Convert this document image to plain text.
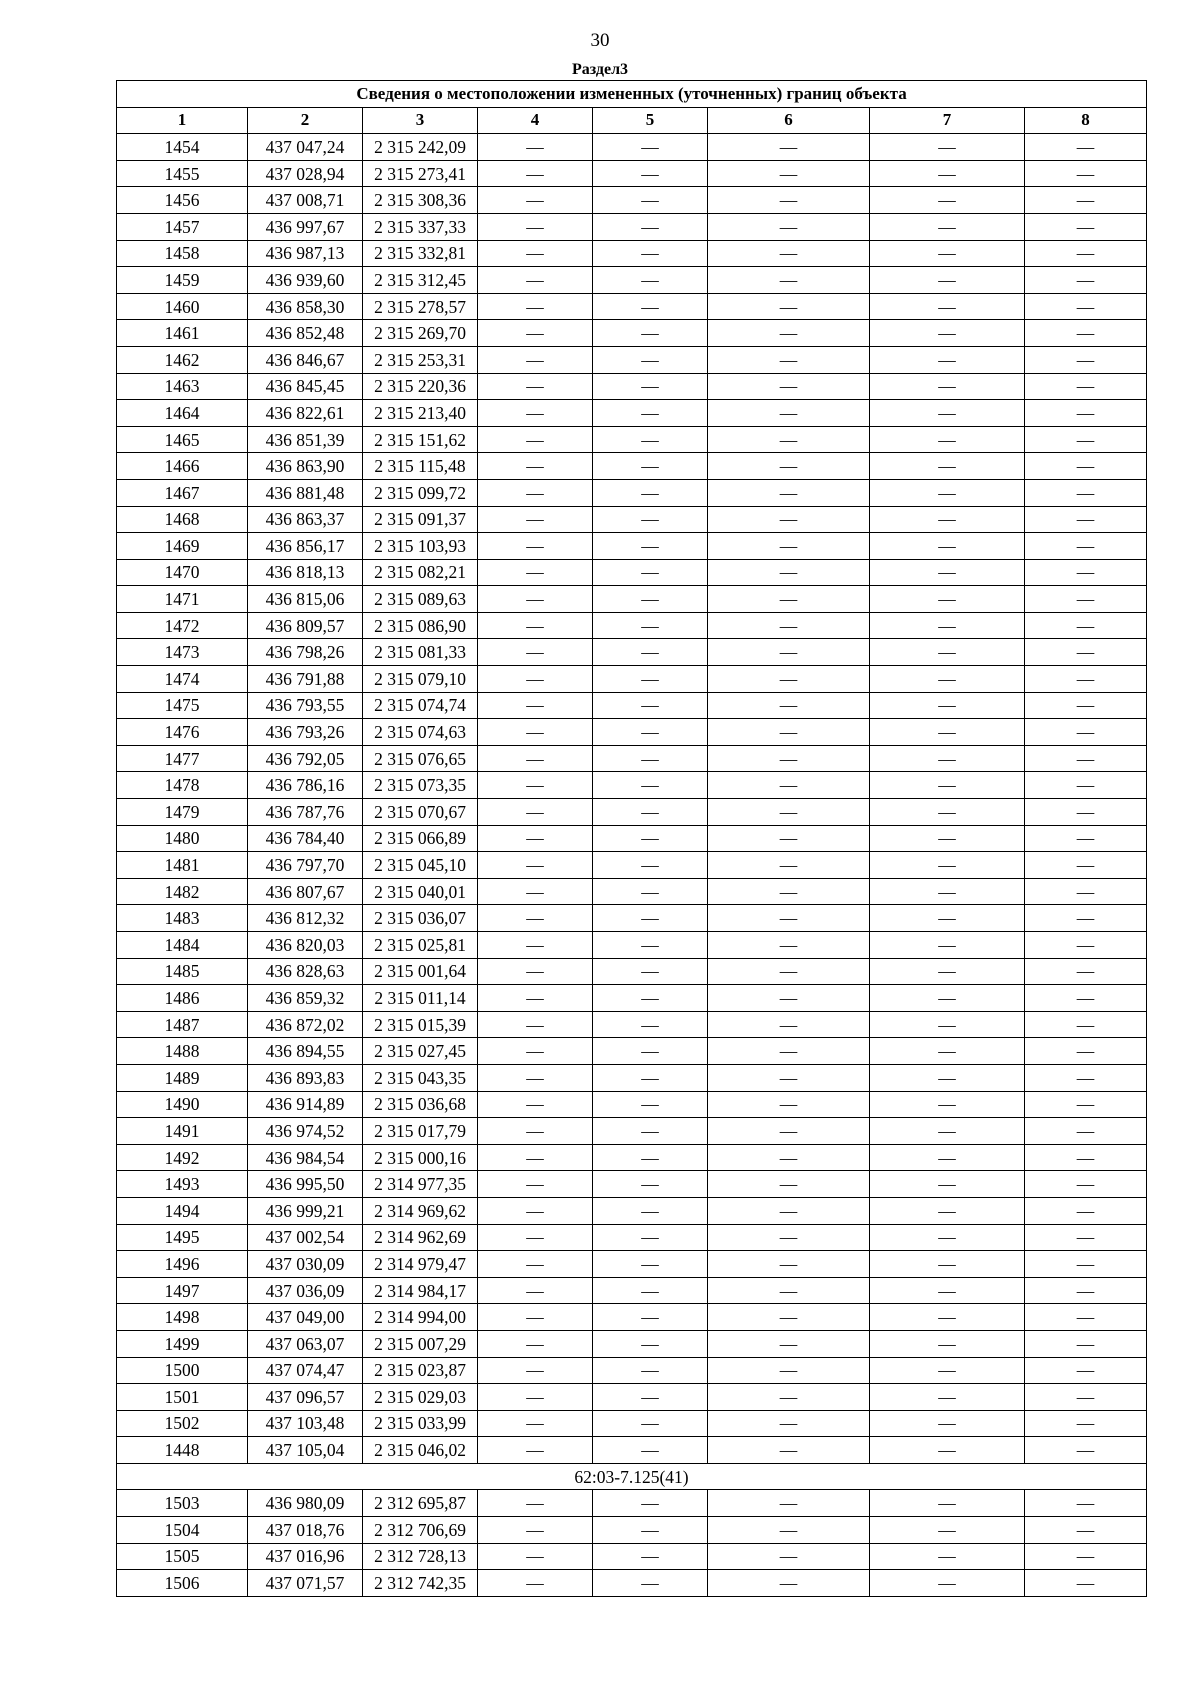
30
Раздел3
Сведения о местоположении измененных (уточненных) границ объекта							
1	2	3	4	5	6	7	8
1454	437 047,24	2 315 242,09	—	—	—	—	—
1455	437 028,94	2 315 273,41	—	—	—	—	—
1456	437 008,71	2 315 308,36	—	—	—	—	—
1457	436 997,67	2 315 337,33	—	—	—	—	—
1458	436 987,13	2 315 332,81	—	—	—	—	—
1459	436 939,60	2 315 312,45	—	—	—	—	—
1460	436 858,30	2 315 278,57	—	—	—	—	—
1461	436 852,48	2 315 269,70	—	—	—	—	—
1462	436 846,67	2 315 253,31	—	—	—	—	—
1463	436 845,45	2 315 220,36	—	—	—	—	—
1464	436 822,61	2 315 213,40	—	—	—	—	—
1465	436 851,39	2 315 151,62	—	—	—	—	—
1466	436 863,90	2 315 115,48	—	—	—	—	—
1467	436 881,48	2 315 099,72	—	—	—	—	—
1468	436 863,37	2 315 091,37	—	—	—	—	—
1469	436 856,17	2 315 103,93	—	—	—	—	—
1470	436 818,13	2 315 082,21	—	—	—	—	—
1471	436 815,06	2 315 089,63	—	—	—	—	—
1472	436 809,57	2 315 086,90	—	—	—	—	—
1473	436 798,26	2 315 081,33	—	—	—	—	—
1474	436 791,88	2 315 079,10	—	—	—	—	—
1475	436 793,55	2 315 074,74	—	—	—	—	—
1476	436 793,26	2 315 074,63	—	—	—	—	—
1477	436 792,05	2 315 076,65	—	—	—	—	—
1478	436 786,16	2 315 073,35	—	—	—	—	—
1479	436 787,76	2 315 070,67	—	—	—	—	—
1480	436 784,40	2 315 066,89	—	—	—	—	—
1481	436 797,70	2 315 045,10	—	—	—	—	—
1482	436 807,67	2 315 040,01	—	—	—	—	—
1483	436 812,32	2 315 036,07	—	—	—	—	—
1484	436 820,03	2 315 025,81	—	—	—	—	—
1485	436 828,63	2 315 001,64	—	—	—	—	—
1486	436 859,32	2 315 011,14	—	—	—	—	—
1487	436 872,02	2 315 015,39	—	—	—	—	—
1488	436 894,55	2 315 027,45	—	—	—	—	—
1489	436 893,83	2 315 043,35	—	—	—	—	—
1490	436 914,89	2 315 036,68	—	—	—	—	—
1491	436 974,52	2 315 017,79	—	—	—	—	—
1492	436 984,54	2 315 000,16	—	—	—	—	—
1493	436 995,50	2 314 977,35	—	—	—	—	—
1494	436 999,21	2 314 969,62	—	—	—	—	—
1495	437 002,54	2 314 962,69	—	—	—	—	—
1496	437 030,09	2 314 979,47	—	—	—	—	—
1497	437 036,09	2 314 984,17	—	—	—	—	—
1498	437 049,00	2 314 994,00	—	—	—	—	—
1499	437 063,07	2 315 007,29	—	—	—	—	—
1500	437 074,47	2 315 023,87	—	—	—	—	—
1501	437 096,57	2 315 029,03	—	—	—	—	—
1502	437 103,48	2 315 033,99	—	—	—	—	—
1448	437 105,04	2 315 046,02	—	—	—	—	—
62:03-7.125(41)							
1503	436 980,09	2 312 695,87	—	—	—	—	—
1504	437 018,76	2 312 706,69	—	—	—	—	—
1505	437 016,96	2 312 728,13	—	—	—	—	—
1506	437 071,57	2 312 742,35	—	—	—	—	—
